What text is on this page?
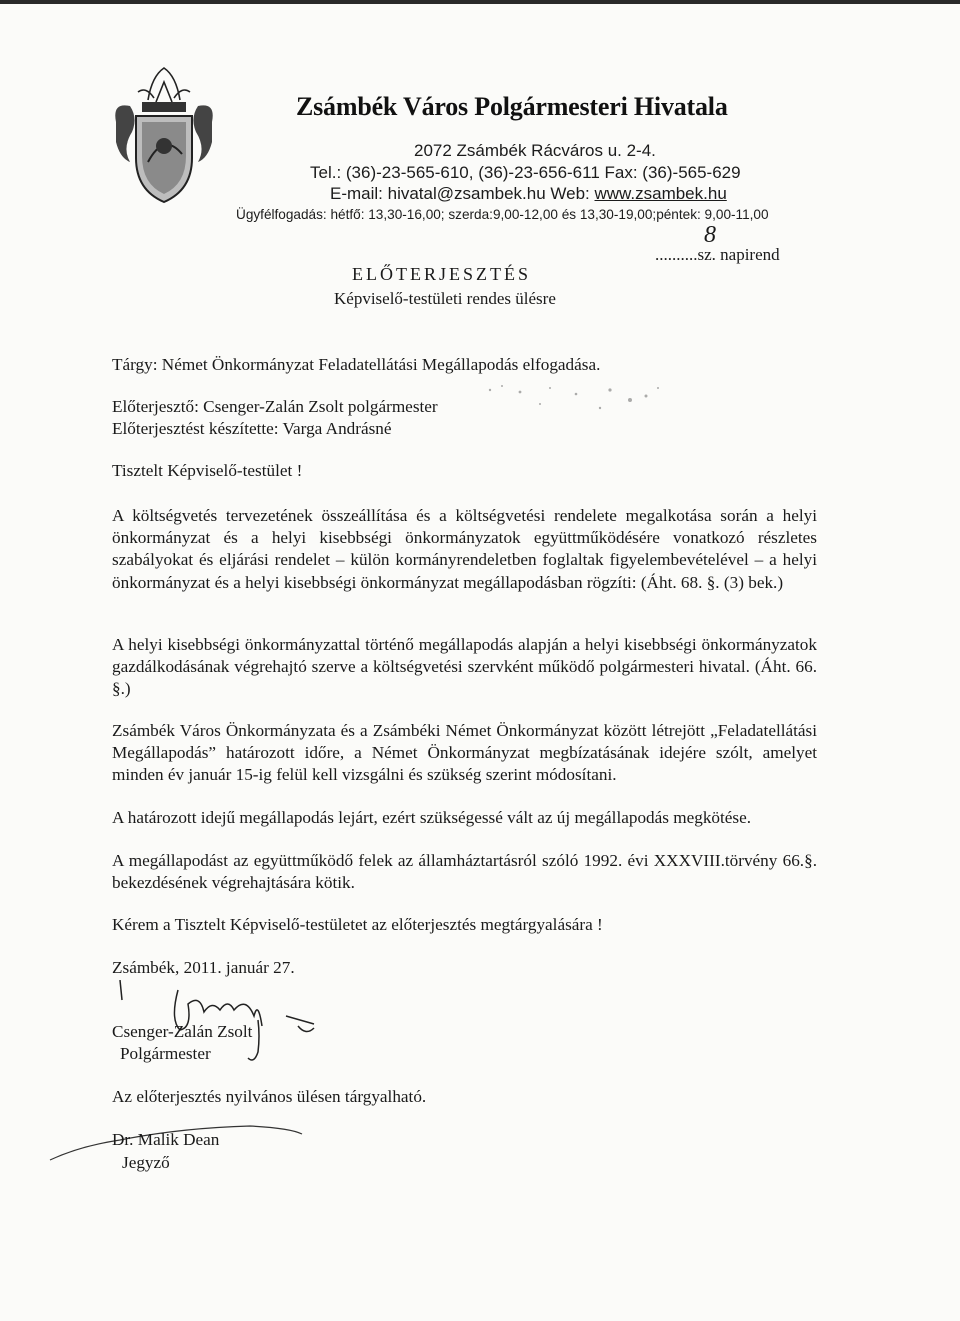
Zsámbék Város Polgármesteri Hivatala
2072 Zsámbék Rácváros u. 2-4.
Tel.: (36)-23-565-610, (36)-23-656-611 Fax: (36)-565-629
E-mail: hivatal@zsambek.hu Web: www.zsambek.hu
Ügyfélfogadás: hétfő: 13,30-16,00; szerda:9,00-12,00 és 13,30-19,00;péntek: 9,00-11,00
8
..........sz. napirend
ELŐTERJESZTÉS
Képviselő-testületi rendes ülésre
Tárgy: Német Önkormányzat Feladatellátási Megállapodás elfogadása.
Előterjesztő: Csenger-Zalán Zsolt polgármester
Előterjesztést készítette: Varga Andrásné
Tisztelt Képviselő-testület !

A költségvetés tervezetének összeállítása és a költségvetési rendelete megalkotása során a helyi önkormányzat és a helyi kisebbségi önkormányzatok együttműködésére vonatkozó részletes szabályokat és eljárási rendelet – külön kormányrendeletben foglaltak figyelembevételével – a helyi önkormányzat és a helyi kisebbségi önkormányzat megállapodásban rögzíti: (Áht. 68. §. (3) bek.)

A helyi kisebbségi önkormányzattal történő megállapodás alapján a helyi kisebbségi önkormányzatok gazdálkodásának végrehajtó szerve a költségvetési szervként működő polgármesteri hivatal. (Áht. 66. §.)

Zsámbék Város Önkormányzata és a Zsámbéki Német Önkormányzat között létrejött „Feladatellátási Megállapodás” határozott időre, a Német Önkormányzat megbízatásának idejére szólt, amelyet minden év január 15-ig felül kell vizsgálni és szükség szerint módosítani.

A határozott idejű megállapodás lejárt, ezért szükségessé vált az új megállapodás megkötése.

A megállapodást az együttműködő felek az államháztartásról szóló 1992. évi XXXVIII.törvény 66.§. bekezdésének végrehajtására kötik.

Kérem a Tisztelt Képviselő-testületet az előterjesztés megtárgyalására !

Zsámbék, 2011. január 27.
Csenger-Zalán Zsolt
Polgármester
Az előterjesztés nyilvános ülésen tárgyalható.
Dr. Malik Dean
Jegyző
